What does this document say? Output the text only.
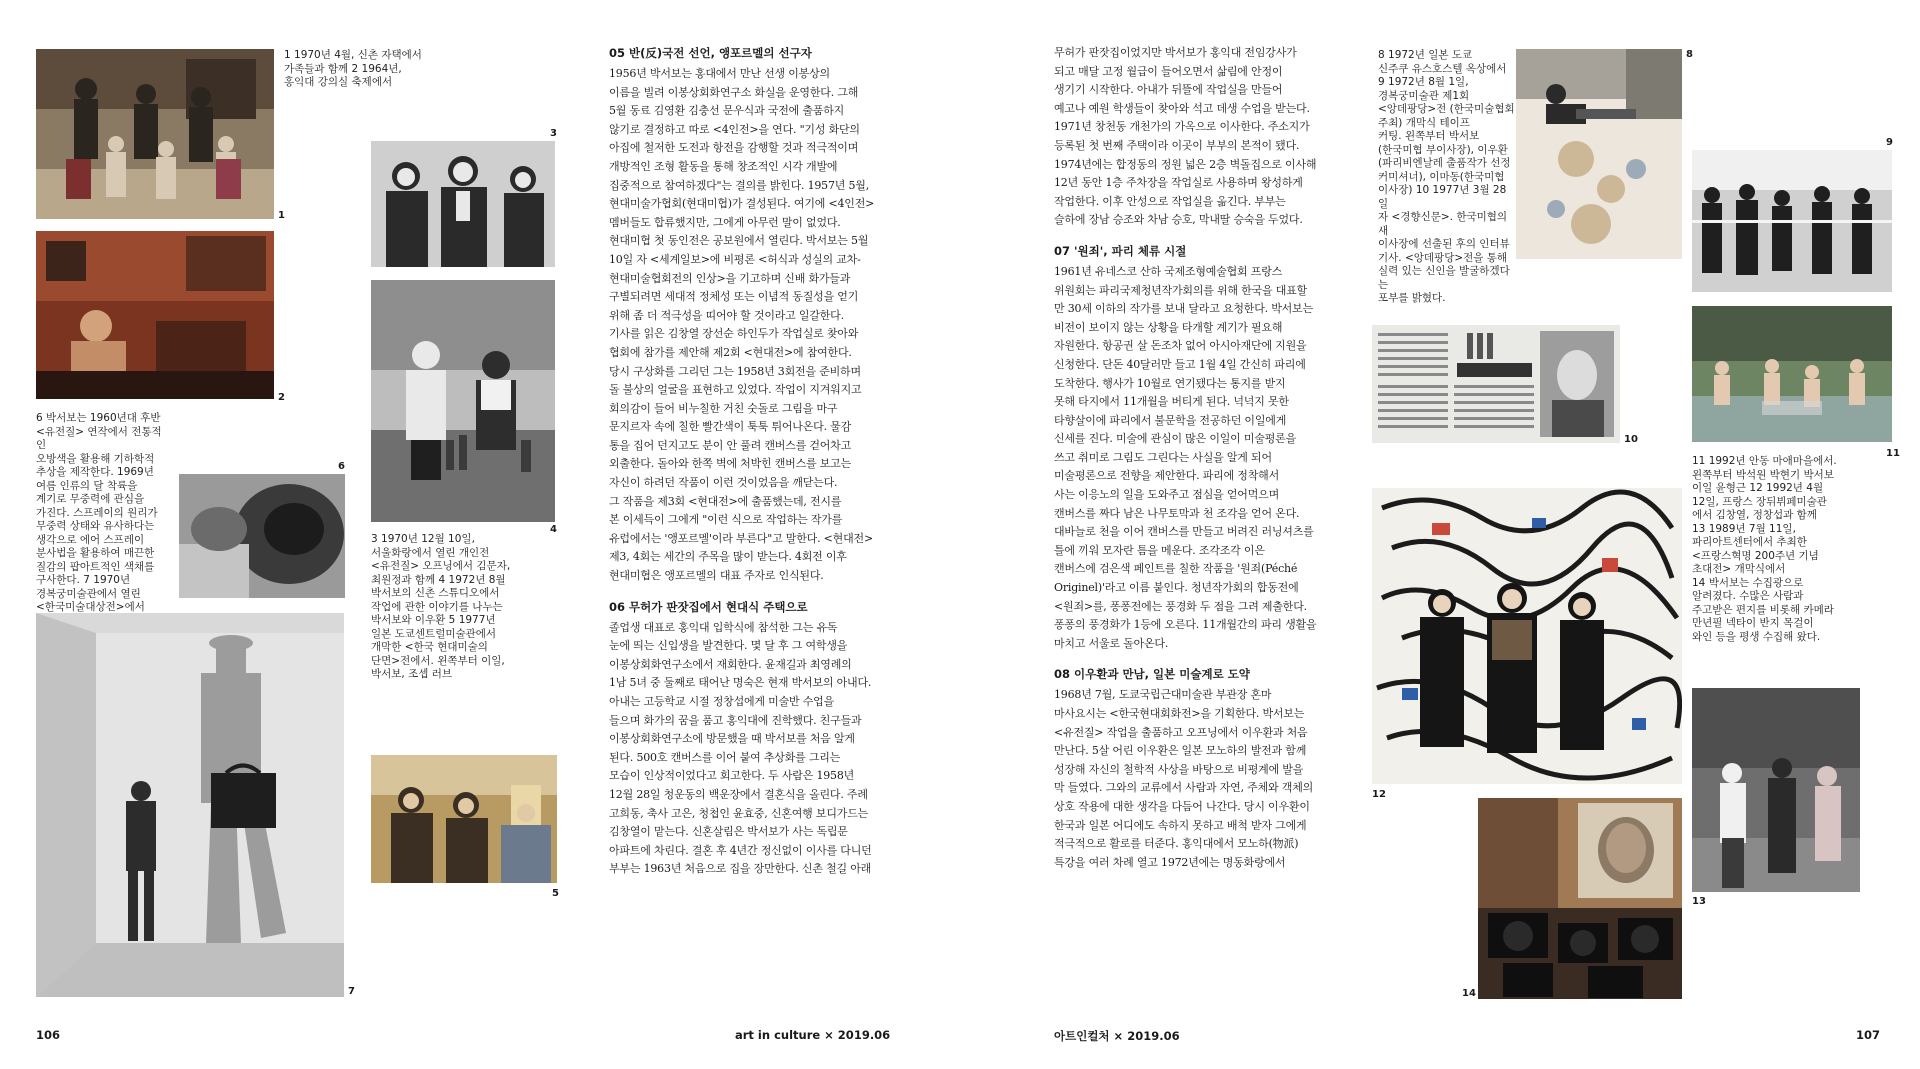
1
2
6 박서보는 1960년대 후반
<유전질> 연작에서 전통적인
오방색을 활용해 기하학적
추상을 제작한다. 1969년
여름 인류의 달 착륙을
계기로 무중력에 관심을
가진다. 스프레이의 원리가
무중력 상태와 유사하다는
생각으로 에어 스프레이
분사법을 활용하여 매끈한
질감의 팝아트적인 색채를
구사한다. 7 1970년
경복궁미술관에서 열린
<한국미술대상전>에서
6
7
1 1970년 4월, 신촌 자택에서
가족들과 함께 2 1964년,
홍익대 강의실 축제에서
3
4
3 1970년 12월 10일,
서울화랑에서 열린 개인전
<유전질> 오프닝에서 김문자,
최원정과 함께 4 1972년 8월
박서보의 신촌 스튜디오에서
작업에 관한 이야기를 나누는
박서보와 이우환 5 1977년
일본 도쿄센트럴미술관에서
개막한 <한국 현대미술의
단면>전에서. 왼쪽부터 이일,
박서보, 조셉 러브
5
05 반(反)국전 선언, 앵포르멜의 선구자

1956년 박서보는 홍대에서 만난 선생 이봉상의
이름을 빌려 이봉상회화연구소 화실을 운영한다. 그해
5월 동료 김영환 김충선 문우식과 국전에 출품하지
않기로 결정하고 따로 <4인전>을 연다. "기성 화단의
아집에 철저한 도전과 항전을 감행할 것과 적극적이며
개방적인 조형 활동을 통해 창조적인 시각 개발에
집중적으로 참여하겠다"는 결의를 밝힌다. 1957년 5월,
현대미술가협회(현대미협)가 결성된다. 여기에 <4인전>
멤버들도 합류했지만, 그에게 아무런 말이 없었다.
현대미협 첫 동인전은 공보원에서 열린다. 박서보는 5월
10일 자 <세계일보>에 비평론 <허식과 성실의 교차-
현대미술협회전의 인상>을 기고하며 신배 화가들과
구별되려면 세대적 정체성 또는 이념적 동질성을 얻기
위해 좀 더 적극성을 띠어야 할 것이라고 일갈한다.
기사를 읽은 김창열 장선순 하인두가 작업실로 찾아와
협회에 참가를 제안해 제2회 <현대전>에 참여한다.
당시 구상화를 그리던 그는 1958년 3회전을 준비하며
돌 불상의 얼굴을 표현하고 있었다. 작업이 지겨워지고
회의감이 들어 비누칠한 거친 숫돌로 그림을 마구
문지르자 속에 칠한 빨간색이 툭툭 튀어나온다. 물감
통을 집어 던지고도 분이 안 풀려 캔버스를 걷어차고
외출한다. 돌아와 한쪽 벽에 처박힌 캔버스를 보고는
자신이 하려던 작품이 이런 것이었음을 깨닫는다.
그 작품을 제3회 <현대전>에 출품했는데, 전시를
본 이세득이 그에게 "이런 식으로 작업하는 작가를
유럽에서는 '앵포르멜'이라 부른다"고 말한다. <현대전>
제3, 4회는 세간의 주목을 많이 받는다. 4회전 이후
현대미협은 앵포르멜의 대표 주자로 인식된다.

06 무허가 판잣집에서 현대식 주택으로

졸업생 대표로 홍익대 입학식에 참석한 그는 유독
눈에 띄는 신입생을 발견한다. 몇 달 후 그 여학생을
이봉상회화연구소에서 재회한다. 윤재길과 최영례의
1남 5녀 중 둘째로 태어난 명숙은 현재 박서보의 아내다.
아내는 고등학교 시절 정창섭에게 미술반 수업을
들으며 화가의 꿈을 품고 홍익대에 진학했다. 친구들과
이봉상회화연구소에 방문했을 때 박서보를 처음 알게
된다. 500호 캔버스를 이어 붙여 추상화를 그리는
모습이 인상적이었다고 회고한다. 두 사람은 1958년
12월 28일 청운동의 백운장에서 결혼식을 올린다. 주례
고희동, 축사 고은, 청첩인 윤효중, 신혼여행 보디가드는
김창열이 맡는다. 신혼살림은 박서보가 사는 독립문
아파트에 차린다. 결혼 후 4년간 정신없이 이사를 다니던
부부는 1963년 처음으로 집을 장만한다. 신촌 철길 아래

무허가 판잣집이었지만 박서보가 홍익대 전임강사가
되고 매달 고정 월급이 들어오면서 삶림에 안정이
생기기 시작한다. 아내가 뒤뜰에 작업실을 만들어
예고나 예원 학생들이 찾아와 석고 데생 수업을 받는다.
1971년 창천동 개천가의 가옥으로 이사한다. 주소지가
등록된 첫 번째 주택이라 이곳이 부부의 본적이 됐다.
1974년에는 합정동의 정원 넓은 2층 벽돌집으로 이사해
12년 동안 1층 주차장을 작업실로 사용하며 왕성하게
작업한다. 이후 안성으로 작업실을 옮긴다. 부부는
슬하에 장남 승조와 차남 승호, 막내딸 승숙을 두었다.

07 '원죄', 파리 체류 시절

1961년 유네스코 산하 국제조형예술협회 프랑스
위원회는 파리국제청년작가회의를 위해 한국을 대표할
만 30세 이하의 작가를 보내 달라고 요청한다. 박서보는
비전이 보이지 않는 상황을 타개할 계기가 필요해
자원한다. 항공권 살 돈조차 없어 아시아재단에 지원을
신청한다. 단돈 40달러만 들고 1월 4일 간신히 파리에
도착한다. 행사가 10월로 연기됐다는 통지를 받지
못해 타지에서 11개월을 버티게 된다. 넉넉지 못한
타향살이에 파리에서 불문학을 전공하던 이일에게
신세를 진다. 미술에 관심이 많은 이일이 미술평론을
쓰고 취미로 그림도 그린다는 사실을 알게 되어
미술평론으로 전향을 제안한다. 파리에 정착해서
사는 이응노의 일을 도와주고 점심을 얻어먹으며
캔버스를 짜다 남은 나무토막과 천 조각을 얻어 온다.
대바늘로 천을 이어 캔버스를 만들고 버려진 러닝셔츠를
틀에 끼워 모자란 틈을 메운다. 조각조각 이은
캔버스에 검은색 페인트를 칠한 작품을 '원죄(Péché
Originel)'라고 이름 붙인다. 청년작가회의 합동전에
<원죄>를, 퐁퐁전에는 풍경화 두 점을 그려 제출한다.
퐁퐁의 풍경화가 1등에 오른다. 11개월간의 파리 생활을
마치고 서울로 돌아온다.

08 이우환과 만남, 일본 미술계로 도약

1968년 7월, 도쿄국립근대미술관 부관장 혼마
마사요시는 <한국현대회화전>을 기획한다. 박서보는
<유전질> 작업을 출품하고 오프닝에서 이우환과 처음
만난다. 5살 어린 이우환은 일본 모노하의 발전과 함께
성장해 자신의 철학적 사상을 바탕으로 비평계에 발을
막 들였다. 그와의 교류에서 사람과 자연, 주체와 객체의
상호 작용에 대한 생각을 다듬어 나간다. 당시 이우환이
한국과 일본 어디에도 속하지 못하고 배척 받자 그에게
적극적으로 활로를 터준다. 홍익대에서 모노하(物派)
특강을 여러 차례 열고 1972년에는 명동화랑에서

8 1972년 일본 도쿄
신주쿠 유스호스텔 옥상에서
9 1972년 8월 1일,
경복궁미술관 제1회
<앙데팡당>전 (한국미술협회
주최) 개막식 테이프
커팅. 왼쪽부터 박서보
(한국미협 부이사장), 이우환
(파리비엔날레 출품작가 선정
커미셔너), 이마동(한국미협
이사장) 10 1977년 3월 28일
자 <경향신문>. 한국미협의 새
이사장에 선출된 후의 인터뷰
기사. <앙데팡당>전을 통해
실력 있는 신인을 발굴하겠다는
포부를 밝혔다.
8
9
10
11
12
11 1992년 안동 마애마을에서.
왼쪽부터 박석원 박현기 박서보
이일 윤형근 12 1992년 4월
12일, 프랑스 장뒤뷔페미술관
에서 김창열, 정창섭과 함께
13 1989년 7월 11일,
파리아트센터에서 추최한
<프랑스혁명 200주년 기념
초대전> 개막식에서
14 박서보는 수집광으로
알려졌다. 수많은 사람과
주고받은 편지를 비롯해 카메라
만년필 넥타이 반지 목걸이
와인 등을 평생 수집해 왔다.
13
14
106	art in culture × 2019.06	아트인컬처 × 2019.06	107
